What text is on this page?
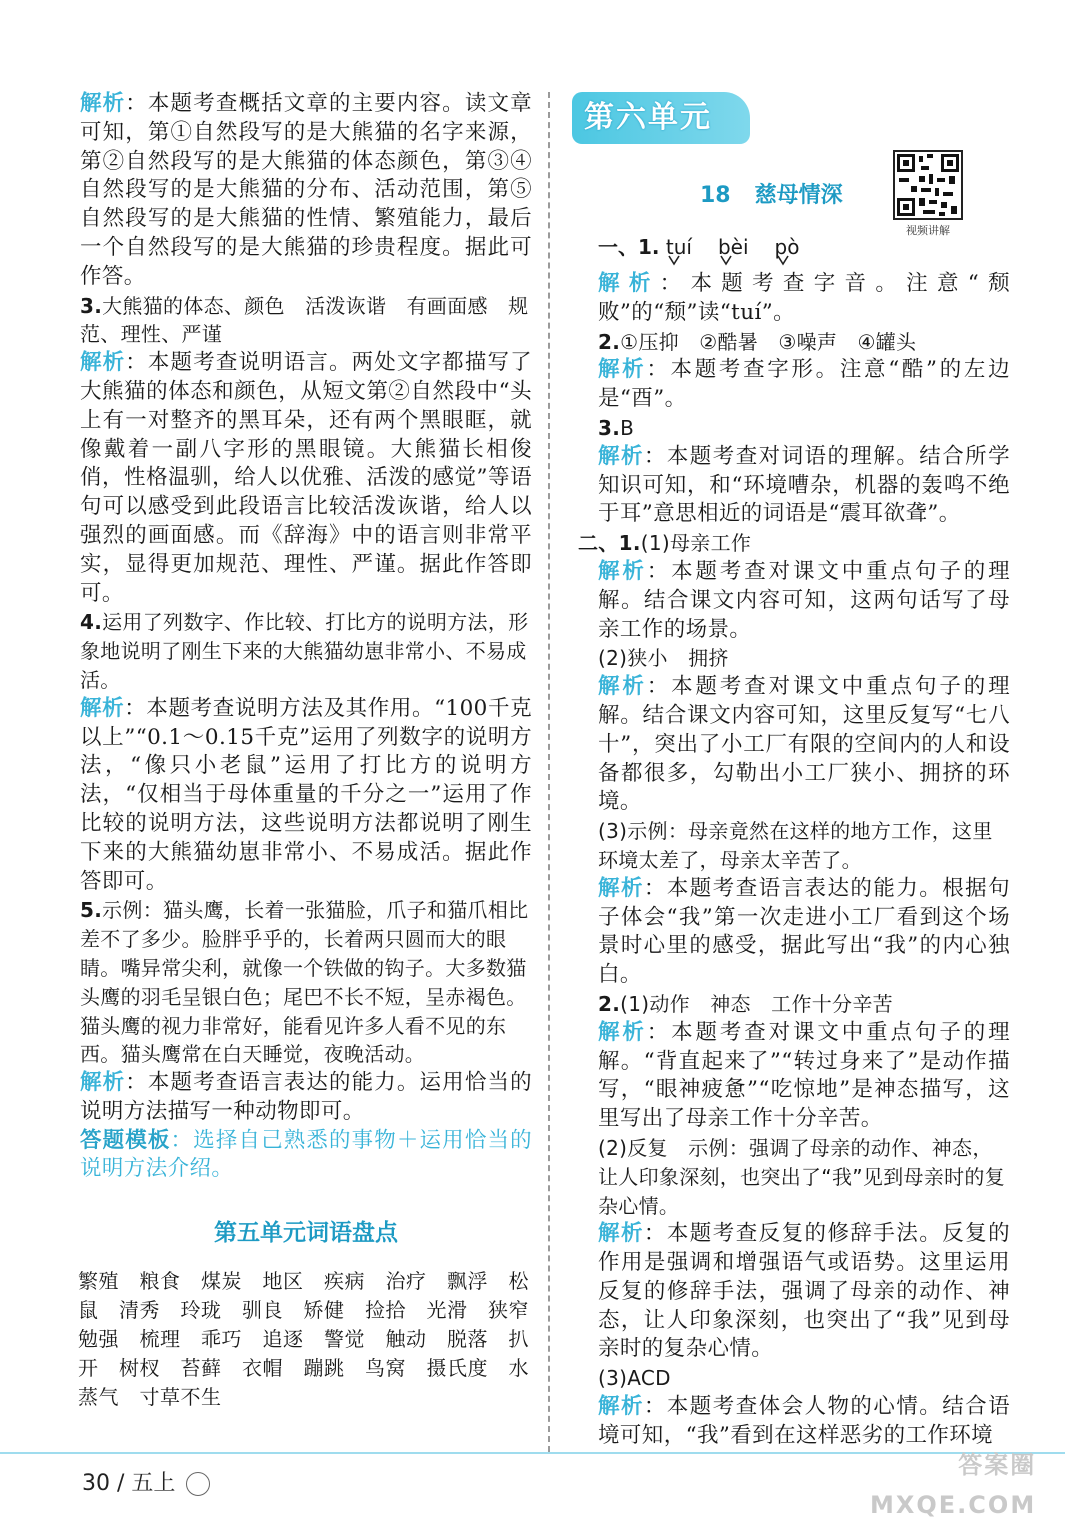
解析：本题考查概括文章的主要内容。读文章可知，第①自然段写的是大熊猫的名字来源，第②自然段写的是大熊猫的体态颜色，第③④自然段写的是大熊猫的分布、活动范围，第⑤自然段写的是大熊猫的性情、繁殖能力，最后一个自然段写的是大熊猫的珍贵程度。据此可作答。

3.大熊猫的体态、颜色　活泼诙谐　有画面感　规范、理性、严谨

解析：本题考查说明语言。两处文字都描写了大熊猫的体态和颜色，从短文第②自然段中“头上有一对整齐的黑耳朵，还有两个黑眼眶，就像戴着一副八字形的黑眼镜。大熊猫长相俊俏，性格温驯，给人以优雅、活泼的感觉”等语句可以感受到此段语言比较活泼诙谐，给人以强烈的画面感。而《辞海》中的语言则非常平实，显得更加规范、理性、严谨。据此作答即可。

4.运用了列数字、作比较、打比方的说明方法，形象地说明了刚生下来的大熊猫幼崽非常小、不易成活。

解析：本题考查说明方法及其作用。“100千克以上”“0.1～0.15千克”运用了列数字的说明方法，“像只小老鼠”运用了打比方的说明方法，“仅相当于母体重量的千分之一”运用了作比较的说明方法，这些说明方法都说明了刚生下来的大熊猫幼崽非常小、不易成活。据此作答即可。

5.示例：猫头鹰，长着一张猫脸，爪子和猫爪相比差不了多少。脸胖乎乎的，长着两只圆而大的眼睛。嘴异常尖利，就像一个铁做的钩子。大多数猫头鹰的羽毛呈银白色；尾巴不长不短，呈赤褐色。猫头鹰的视力非常好，能看见许多人看不见的东西。猫头鹰常在白天睡觉，夜晚活动。

解析：本题考查语言表达的能力。运用恰当的说明方法描写一种动物即可。

答题模板：选择自己熟悉的事物＋运用恰当的说明方法介绍。

第五单元词语盘点

繁殖　粮食　煤炭　地区　疾病　治疗　飘浮　松鼠　清秀　玲珑　驯良　矫健　捡拾　光滑　狭窄　勉强　梳理　乖巧　追逐　警觉　触动　脱落　扒开　树杈　苔藓　衣帽　蹦跳　鸟窝　摄氏度　水蒸气　寸草不生

第六单元
18 慈母情深
视频讲解
一、1. tuí bèi pò

解析：本题考查字音。注意“颓败”的“颓”读“tuí”。

2.①压抑　②酷暑　③噪声　④罐头

解析：本题考查字形。注意“酷”的左边是“酉”。

3.B

解析：本题考查对词语的理解。结合所学知识可知，和“环境嘈杂，机器的轰鸣不绝于耳”意思相近的词语是“震耳欲聋”。

二、1.(1)母亲工作

解析：本题考查对课文中重点句子的理解。结合课文内容可知，这两句话写了母亲工作的场景。

(2)狭小　拥挤

解析：本题考查对课文中重点句子的理解。结合课文内容可知，这里反复写“七八十”，突出了小工厂有限的空间内的人和设备都很多，勾勒出小工厂狭小、拥挤的环境。

(3)示例：母亲竟然在这样的地方工作，这里环境太差了，母亲太辛苦了。

解析：本题考查语言表达的能力。根据句子体会“我”第一次走进小工厂看到这个场景时心里的感受，据此写出“我”的内心独白。

2.(1)动作　神态　工作十分辛苦

解析：本题考查对课文中重点句子的理解。“背直起来了”“转过身来了”是动作描写，“眼神疲惫”“吃惊地”是神态描写，这里写出了母亲工作十分辛苦。

(2)反复　示例：强调了母亲的动作、神态，让人印象深刻，也突出了“我”见到母亲时的复杂心情。

解析：本题考查反复的修辞手法。反复的作用是强调和增强语气或语势。这里运用反复的修辞手法，强调了母亲的动作、神态，让人印象深刻，也突出了“我”见到母亲时的复杂心情。

(3)ACD

解析：本题考查体会人物的心情。结合语境可知，“我”看到在这样恶劣的工作环境

30 / 五上
答案圈
MXQE.COM
